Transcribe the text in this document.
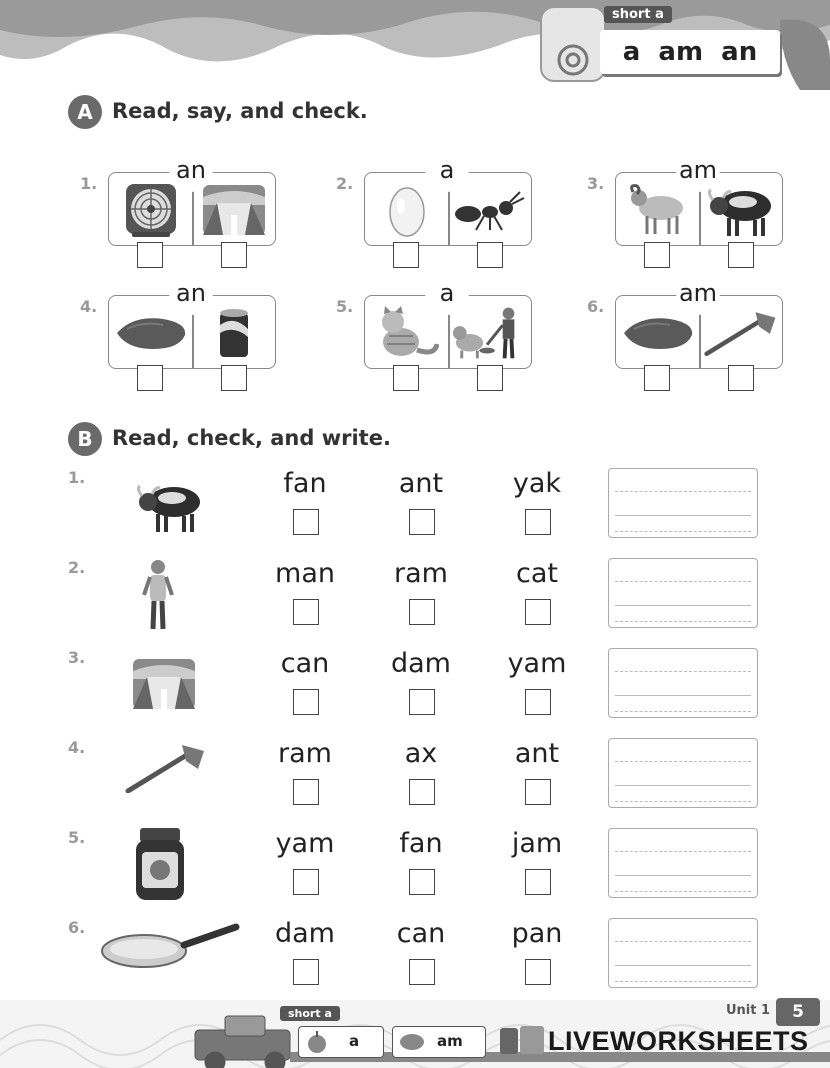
short a
a  am  an
A Read, say, and check.
1.	an	2.	a	3.	am
4.	an	5.	a	6.	am
B Read, check, and write.
1.	fan	ant	yak
2.	man	ram	cat
3.	can	dam	yam
4.	ram	ax	ant
5.	yam	fan	jam
6.	dam	can	pan
short a
a	am
Unit 1	5
LIVEWORKSHEETS
